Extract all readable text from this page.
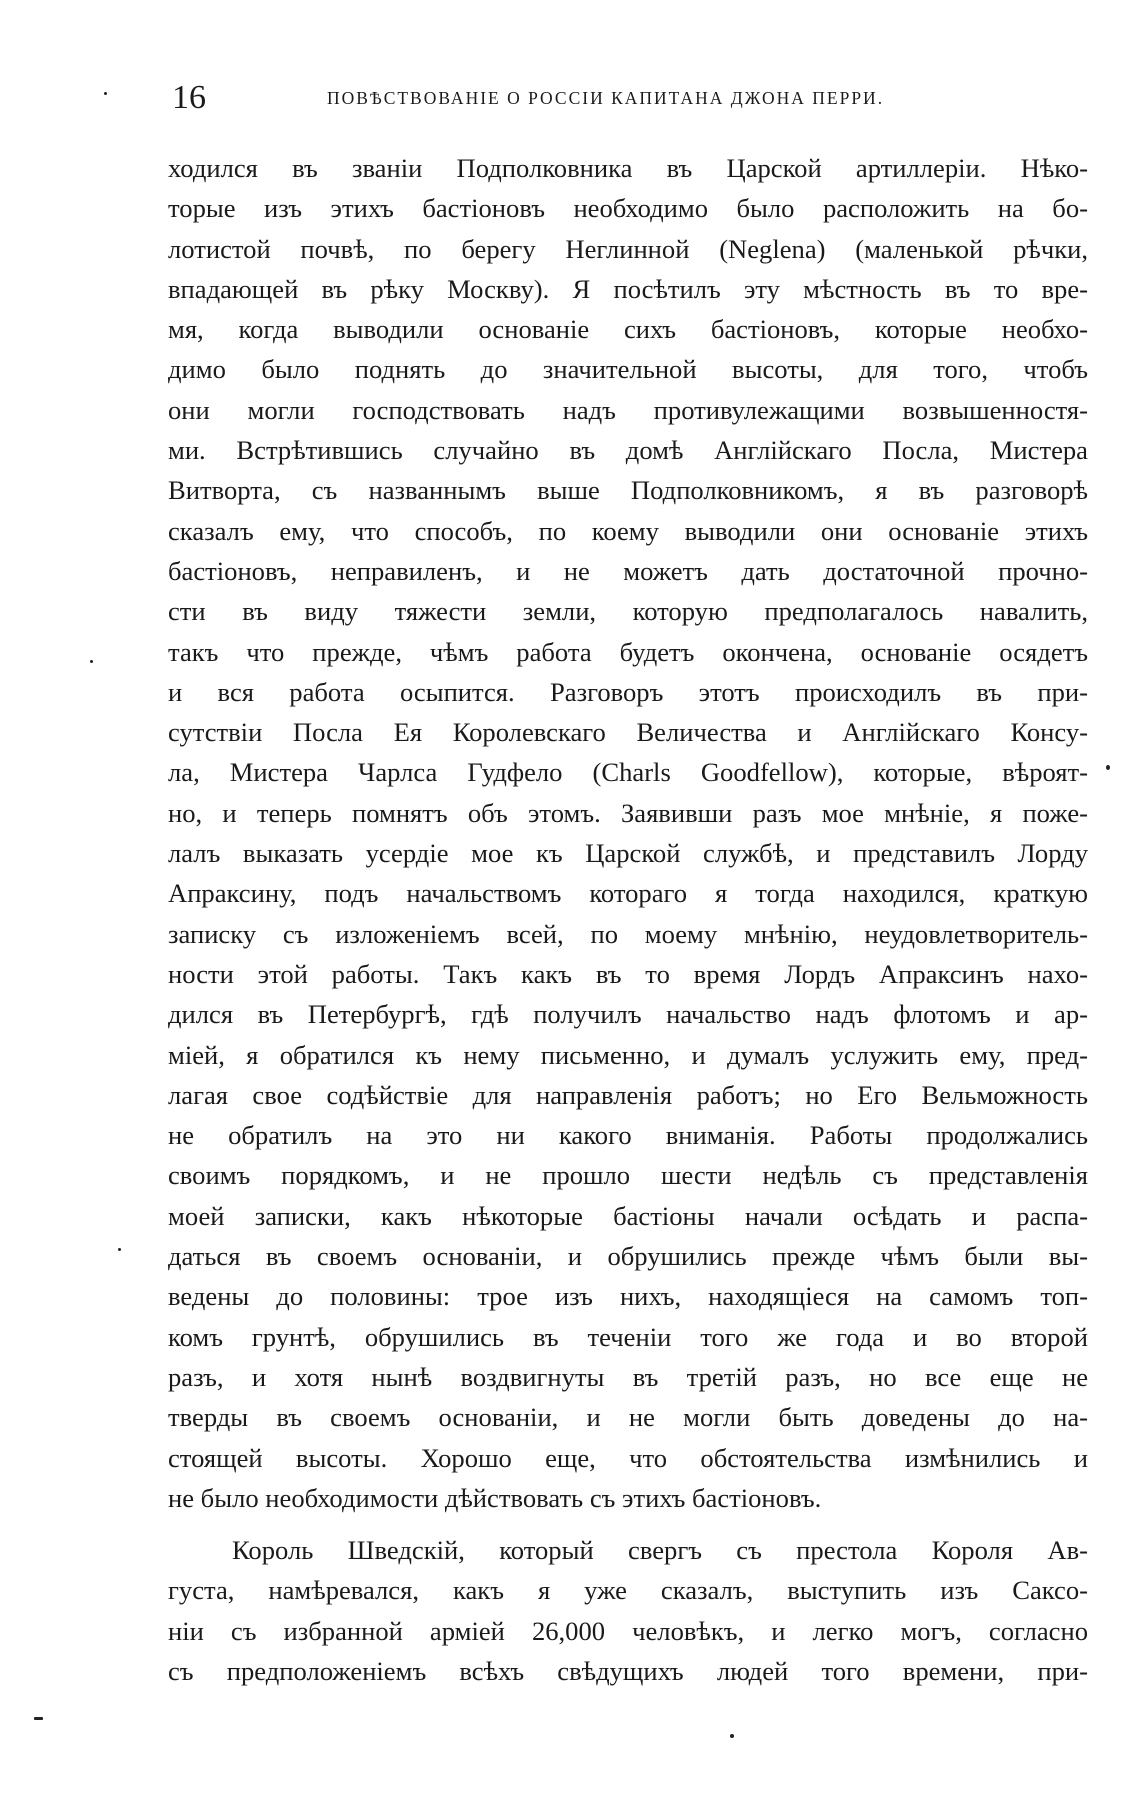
16	ПОВѢСТВОВАНІЕ О РОССІИ КАПИТАНА ДЖОНА ПЕРРИ.
ходился въ званіи Подполковника въ Царской артиллеріи. Нѣко-
торые изъ этихъ бастіоновъ необходимо было расположить на бо-
лотистой почвѣ, по берегу Неглинной (Neglena) (маленькой рѣчки,
впадающей въ рѣку Москву). Я посѣтилъ эту мѣстность въ то вре-
мя, когда выводили основаніе сихъ бастіоновъ, которые необхо-
димо было поднять до значительной высоты, для того, чтобъ
они могли господствовать надъ противулежащими возвышенностя-
ми. Встрѣтившись случайно въ домѣ Англійскаго Посла, Мистера
Витворта, съ названнымъ выше Подполковникомъ, я въ разговорѣ
сказалъ ему, что способъ, по коему выводили они основаніе этихъ
бастіоновъ, неправиленъ, и не можетъ дать достаточной прочно-
сти въ виду тяжести земли, которую предполагалось навалить,
такъ что прежде, чѣмъ работа будетъ окончена, основаніе осядетъ
и вся работа осыпится. Разговоръ этотъ происходилъ въ при-
сутствіи Посла Ея Королевскаго Величества и Англійскаго Консу-
ла, Мистера Чарлса Гудфело (Charls Goodfellow), которые, вѣроят-
но, и теперь помнятъ объ этомъ. Заявивши разъ мое мнѣніе, я поже-
лалъ выказать усердіе мое къ Царской службѣ, и представилъ Лорду
Апраксину, подъ начальствомъ котораго я тогда находился, краткую
записку съ изложеніемъ всей, по моему мнѣнію, неудовлетворитель-
ности этой работы. Такъ какъ въ то время Лордъ Апраксинъ нахо-
дился въ Петербургѣ, гдѣ получилъ начальство надъ флотомъ и ар-
міей, я обратился къ нему письменно, и думалъ услужить ему, пред-
лагая свое содѣйствіе для направленія работъ; но Его Вельможность
не обратилъ на это ни какого вниманія. Работы продолжались
своимъ порядкомъ, и не прошло шести недѣль съ представленія
моей записки, какъ нѣкоторые бастіоны начали осѣдать и распа-
даться въ своемъ основаніи, и обрушились прежде чѣмъ были вы-
ведены до половины: трое изъ нихъ, находящіеся на самомъ топ-
комъ грунтѣ, обрушились въ теченіи того же года и во второй
разъ, и хотя нынѣ воздвигнуты въ третій разъ, но все еще не
тверды въ своемъ основаніи, и не могли быть доведены до на-
стоящей высоты. Хорошо еще, что обстоятельства измѣнились и
не было необходимости дѣйствовать съ этихъ бастіоновъ.
Король Шведскій, который свергъ съ престола Короля Ав-
густа, намѣревался, какъ я уже сказалъ, выступить изъ Саксо-
ніи съ избранной арміей 26,000 человѣкъ, и легко могъ, согласно
съ предположеніемъ всѣхъ свѣдущихъ людей того времени, при-
